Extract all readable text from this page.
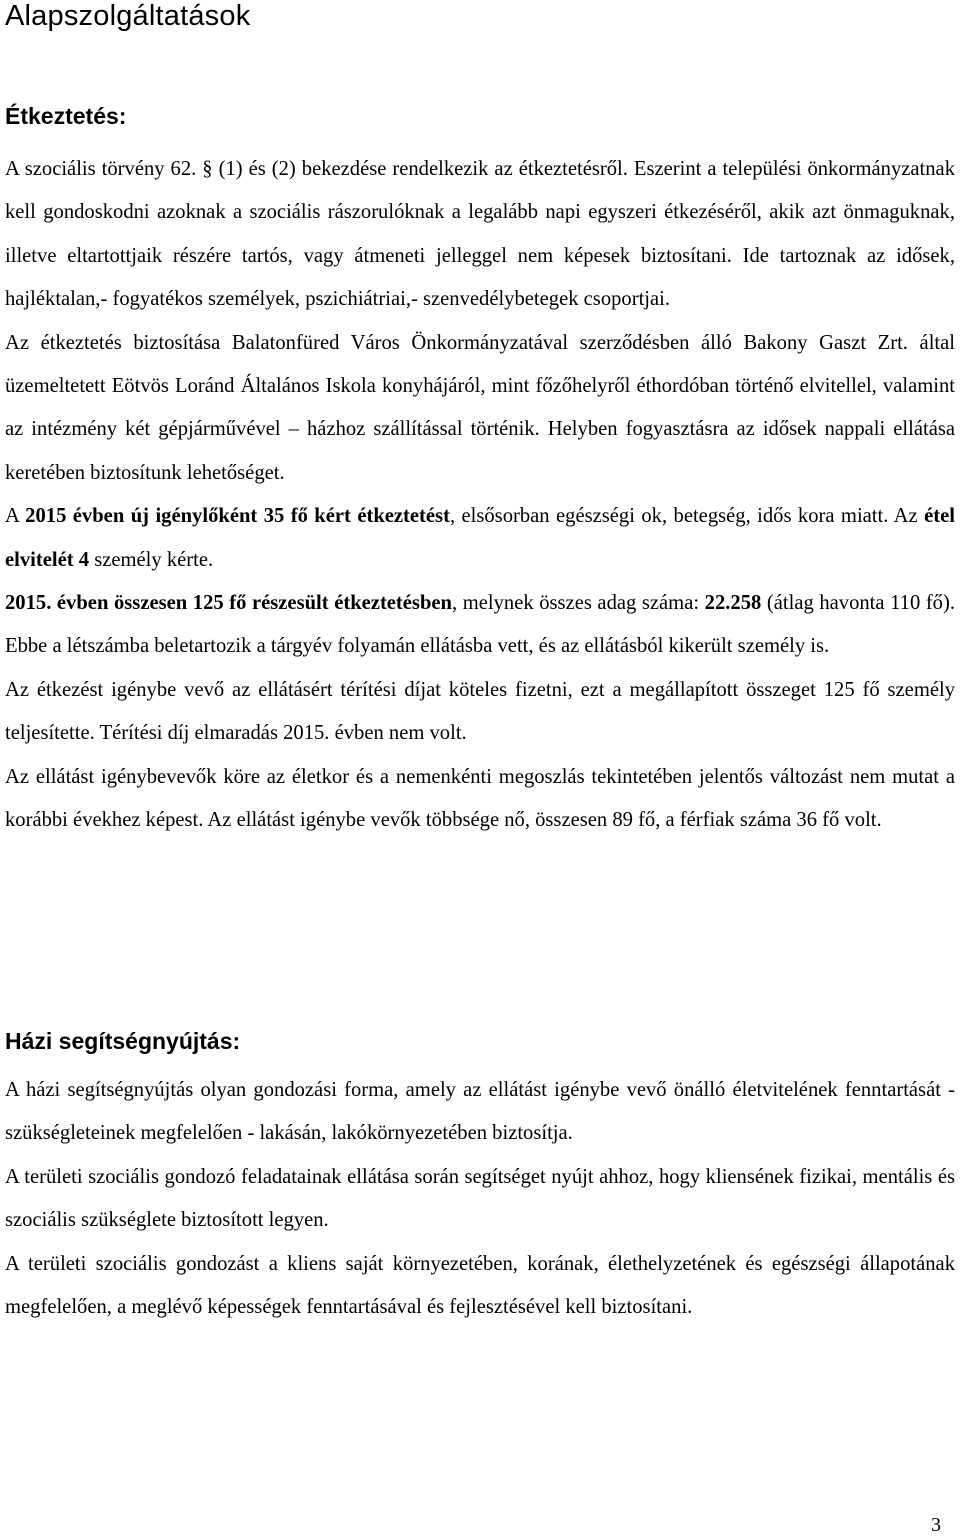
Alapszolgáltatások
Étkeztetés:

A szociális törvény 62. § (1) és (2) bekezdése rendelkezik az étkeztetésről. Eszerint a települési önkormányzatnak kell gondoskodni azoknak a szociális rászorulóknak a legalább napi egyszeri étkezéséről, akik azt önmaguknak, illetve eltartottjaik részére tartós, vagy átmeneti jelleggel nem képesek biztosítani. Ide tartoznak az idősek, hajléktalan,- fogyatékos személyek, pszichiátriai,- szenvedélybetegek csoportjai.

Az étkeztetés biztosítása Balatonfüred Város Önkormányzatával szerződésben álló Bakony Gaszt Zrt. által üzemeltetett Eötvös Loránd Általános Iskola konyhájáról, mint főzőhelyről éthordóban történő elvitellel, valamint az intézmény két gépjárművével – házhoz szállítással történik. Helyben fogyasztásra az idősek nappali ellátása keretében biztosítunk lehetőséget.

A 2015 évben új igénylőként 35 fő kért étkeztetést, elsősorban egészségi ok, betegség, idős kora miatt. Az étel elvitelét 4 személy kérte.

2015. évben összesen 125 fő részesült étkeztetésben, melynek összes adag száma: 22.258 (átlag havonta 110 fő). Ebbe a létszámba beletartozik a tárgyév folyamán ellátásba vett, és az ellátásból kikerült személy is.

Az étkezést igénybe vevő az ellátásért térítési díjat köteles fizetni, ezt a megállapított összeget 125 fő személy teljesítette. Térítési díj elmaradás 2015. évben nem volt.

Az ellátást igénybevevők köre az életkor és a nemenkénti megoszlás tekintetében jelentős változást nem mutat a korábbi évekhez képest. Az ellátást igénybe vevők többsége nő, összesen 89 fő, a férfiak száma 36 fő volt.

Házi segítségnyújtás:

A házi segítségnyújtás olyan gondozási forma, amely az ellátást igénybe vevő önálló életvitelének fenntartását - szükségleteinek megfelelően - lakásán, lakókörnyezetében biztosítja.

A területi szociális gondozó feladatainak ellátása során segítséget nyújt ahhoz, hogy kliensének fizikai, mentális és szociális szükséglete biztosított legyen.

A területi szociális gondozást a kliens saját környezetében, korának, élethelyzetének és egészségi állapotának megfelelően, a meglévő képességek fenntartásával és fejlesztésével kell biztosítani.

3
